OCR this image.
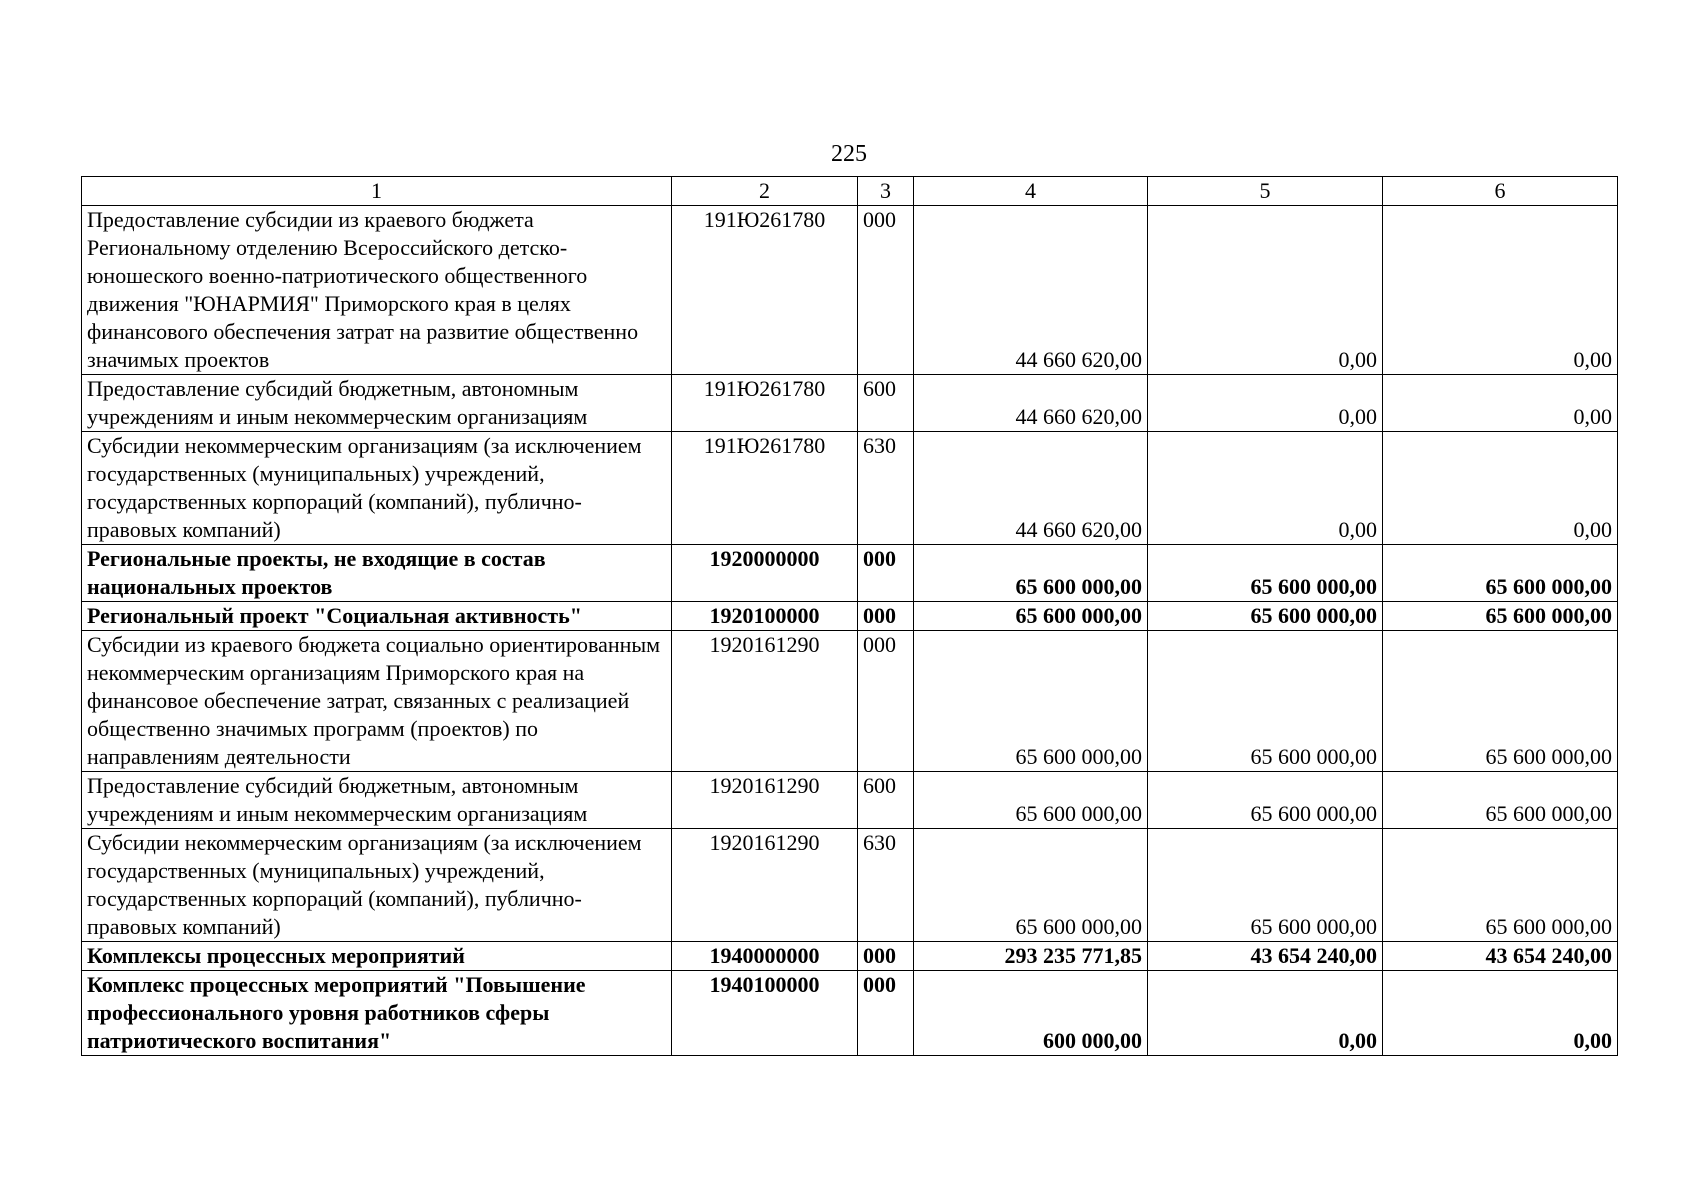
225
1	2	3	4	5	6
Предоставление субсидии из краевого бюджета Региональному отделению Всероссийского детско-юношеского военно-патриотического общественного движения "ЮНАРМИЯ" Приморского края в целях финансового обеспечения затрат на развитие общественно значимых проектов	191Ю261780	000	44 660 620,00	0,00	0,00
Предоставление субсидий бюджетным, автономным учреждениям и иным некоммерческим организациям	191Ю261780	600	44 660 620,00	0,00	0,00
Субсидии некоммерческим организациям (за исключением государственных (муниципальных) учреждений, государственных корпораций (компаний), публично-правовых компаний)	191Ю261780	630	44 660 620,00	0,00	0,00
Региональные проекты, не входящие в состав национальных проектов	1920000000	000	65 600 000,00	65 600 000,00	65 600 000,00
Региональный проект "Социальная активность"	1920100000	000	65 600 000,00	65 600 000,00	65 600 000,00
Субсидии из краевого бюджета социально ориентированным некоммерческим организациям Приморского края на финансовое обеспечение затрат, связанных с реализацией общественно значимых программ (проектов) по направлениям деятельности	1920161290	000	65 600 000,00	65 600 000,00	65 600 000,00
Предоставление субсидий бюджетным, автономным учреждениям и иным некоммерческим организациям	1920161290	600	65 600 000,00	65 600 000,00	65 600 000,00
Субсидии некоммерческим организациям (за исключением государственных (муниципальных) учреждений, государственных корпораций (компаний), публично-правовых компаний)	1920161290	630	65 600 000,00	65 600 000,00	65 600 000,00
Комплексы процессных мероприятий	1940000000	000	293 235 771,85	43 654 240,00	43 654 240,00
Комплекс процессных мероприятий "Повышение профессионального уровня работников сферы патриотического воспитания"	1940100000	000	600 000,00	0,00	0,00
